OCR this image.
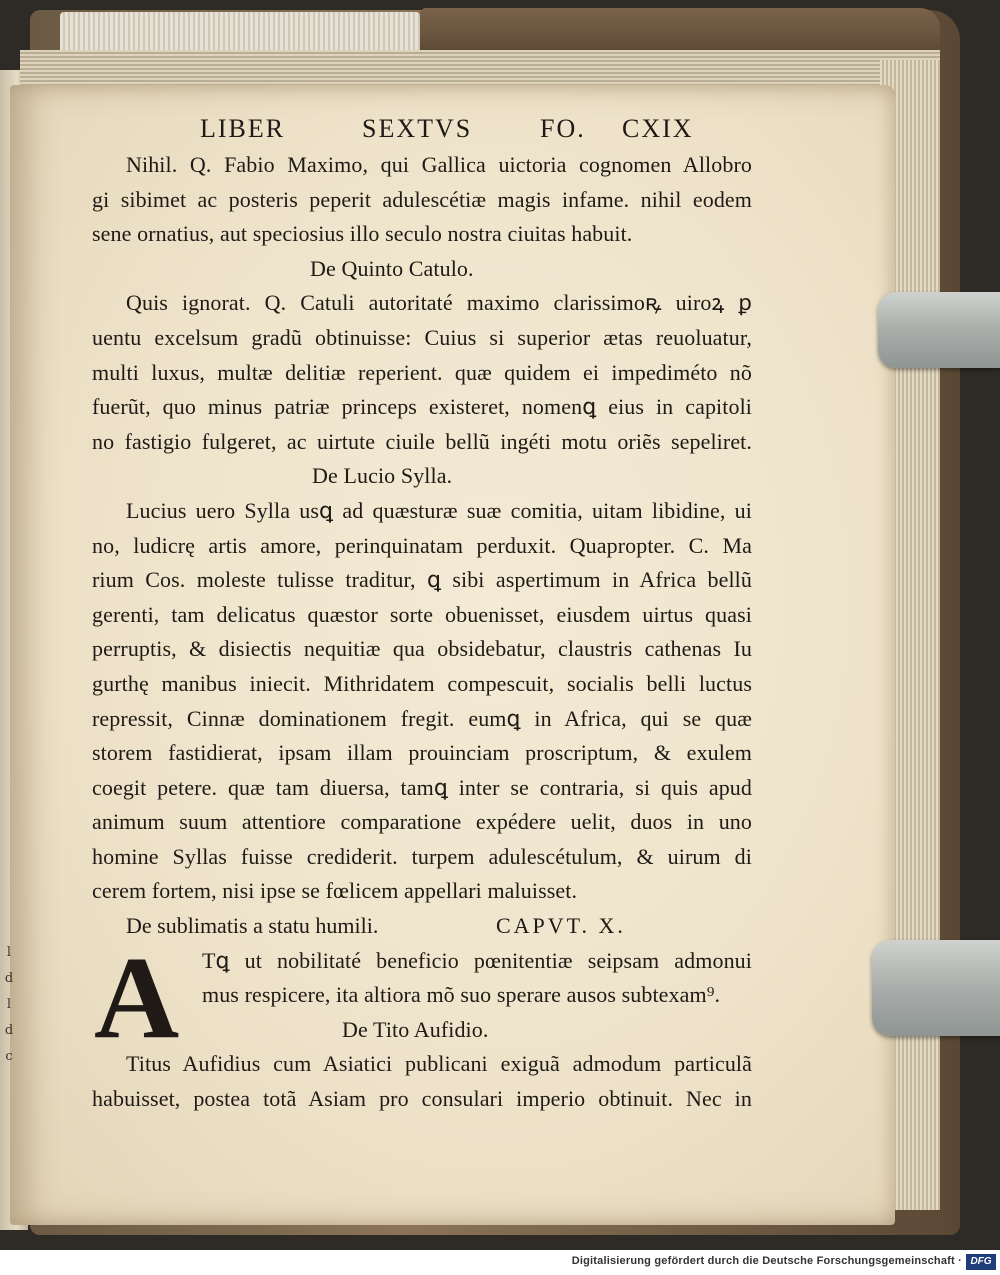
l
d
l
d
c
LIBER	SEXTVS	FO. CXIX
Nihil. Q. Fabio Maximo, qui Gallica uictoria cognomen Allobro
gi sibimet ac posteris peperit adulescétiæ magis infame. nihil eodem
sene ornatius, aut speciosius illo seculo nostra ciuitas habuit.
De Quinto Catulo.
Quis ignorat. Q. Catuli autoritaté maximo clarissimoꝶ uiroꝝ ꝑ
uentu excelsum gradũ obtinuisse: Cuius si superior ætas reuoluatur,
multi luxus, multæ delitiæ reperient. quæ quidem ei impediméto nõ
fuerũt, quo minus patriæ princeps existeret, nomenꝗ eius in capitoli
no fastigio fulgeret, ac uirtute ciuile bellũ ingéti motu oriẽs sepeliret.
De Lucio Sylla.
Lucius uero Sylla usꝗ ad quæsturæ suæ comitia, uitam libidine, ui
no, ludicrę artis amore, perinquinatam perduxit. Quapropter. C. Ma
rium Cos. moleste tulisse traditur, ꝗ sibi aspertimum in Africa bellũ
gerenti, tam delicatus quæstor sorte obuenisset, eiusdem uirtus quasi
perruptis, & disiectis nequitiæ qua obsidebatur, claustris cathenas Iu
gurthę manibus iniecit. Mithridatem compescuit, socialis belli luctus
repressit, Cinnæ dominationem fregit. eumꝗ in Africa, qui se quæ
storem fastidierat, ipsam illam prouinciam proscriptum, & exulem
coegit petere. quæ tam diuersa, tamꝗ inter se contraria, si quis apud
animum suum attentiore comparatione expédere uelit, duos in uno
homine Syllas fuisse crediderit. turpem adulescétulum, & uirum di
cerem fortem, nisi ipse se fœlicem appellari maluisset.
De sublimatis a statu humili.	CAPVT. X.
A	Tꝗ ut nobilitaté beneficio pœnitentiæ seipsam admonui
mus respicere, ita altiora mõ suo sperare ausos subtexam⁹.
De Tito Aufidio.
Titus Aufidius cum Asiatici publicani exiguã admodum particulã
habuisset, postea totã Asiam pro consulari imperio obtinuit. Nec in
Digitalisierung gefördert durch die Deutsche Forschungsgemeinschaft · DFG
